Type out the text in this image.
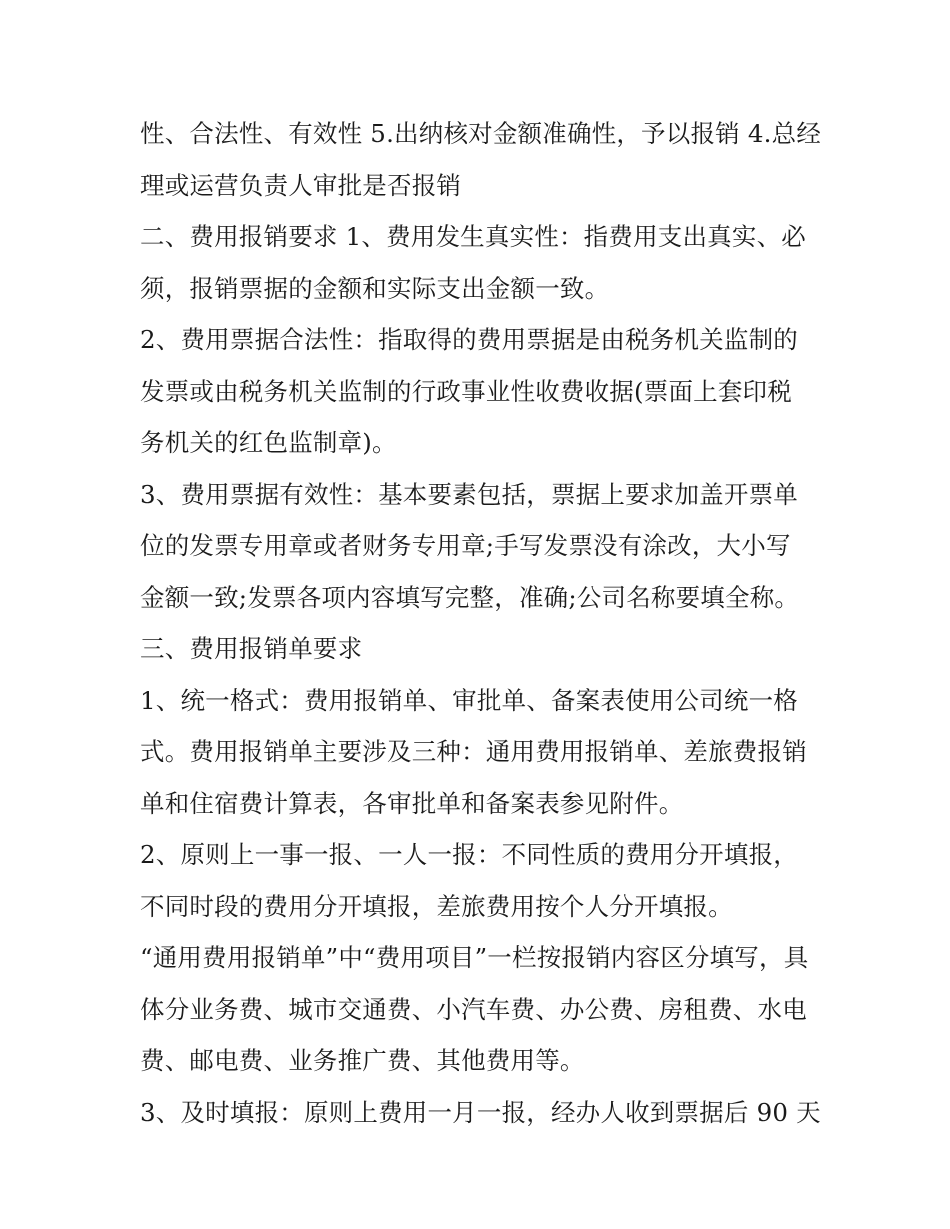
性、合法性、有效性 5.出纳核对金额准确性，予以报销 4.总经
理或运营负责人审批是否报销
二、费用报销要求 1、费用发生真实性：指费用支出真实、必
须，报销票据的金额和实际支出金额一致。
2、费用票据合法性：指取得的费用票据是由税务机关监制的
发票或由税务机关监制的行政事业性收费收据(票面上套印税
务机关的红色监制章)。
3、费用票据有效性：基本要素包括，票据上要求加盖开票单
位的发票专用章或者财务专用章;手写发票没有涂改，大小写
金额一致;发票各项内容填写完整，准确;公司名称要填全称。
三、费用报销单要求
1、统一格式：费用报销单、审批单、备案表使用公司统一格
式。费用报销单主要涉及三种：通用费用报销单、差旅费报销
单和住宿费计算表，各审批单和备案表参见附件。
2、原则上一事一报、一人一报：不同性质的费用分开填报，
不同时段的费用分开填报，差旅费用按个人分开填报。
“通用费用报销单”中“费用项目”一栏按报销内容区分填写，具
体分业务费、城市交通费、小汽车费、办公费、房租费、水电
费、邮电费、业务推广费、其他费用等。
3、及时填报：原则上费用一月一报，经办人收到票据后 90 天
